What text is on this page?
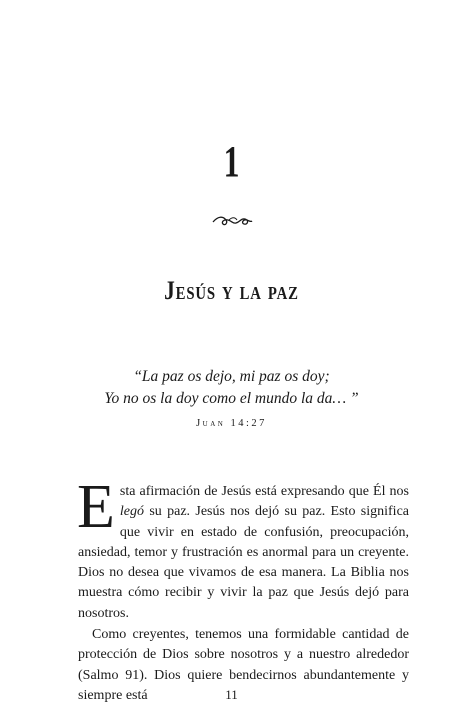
1
Jesús y la paz
“La paz os dejo, mi paz os doy;
Yo no os la doy como el mundo la da… ”
Juan 14:27

Esta afirmación de Jesús está expresando que Él nos legó su paz. Jesús nos dejó su paz. Esto significa que vivir en estado de confusión, preocupación, ansiedad, temor y frustración es anormal para un creyente. Dios no desea que vivamos de esa manera. La Biblia nos muestra cómo recibir y vivir la paz que Jesús dejó para nosotros.

Como creyentes, tenemos una formidable cantidad de protección de Dios sobre nosotros y a nuestro alrededor (Salmo 91). Dios quiere bendecirnos abundantemente y siempre está	11
